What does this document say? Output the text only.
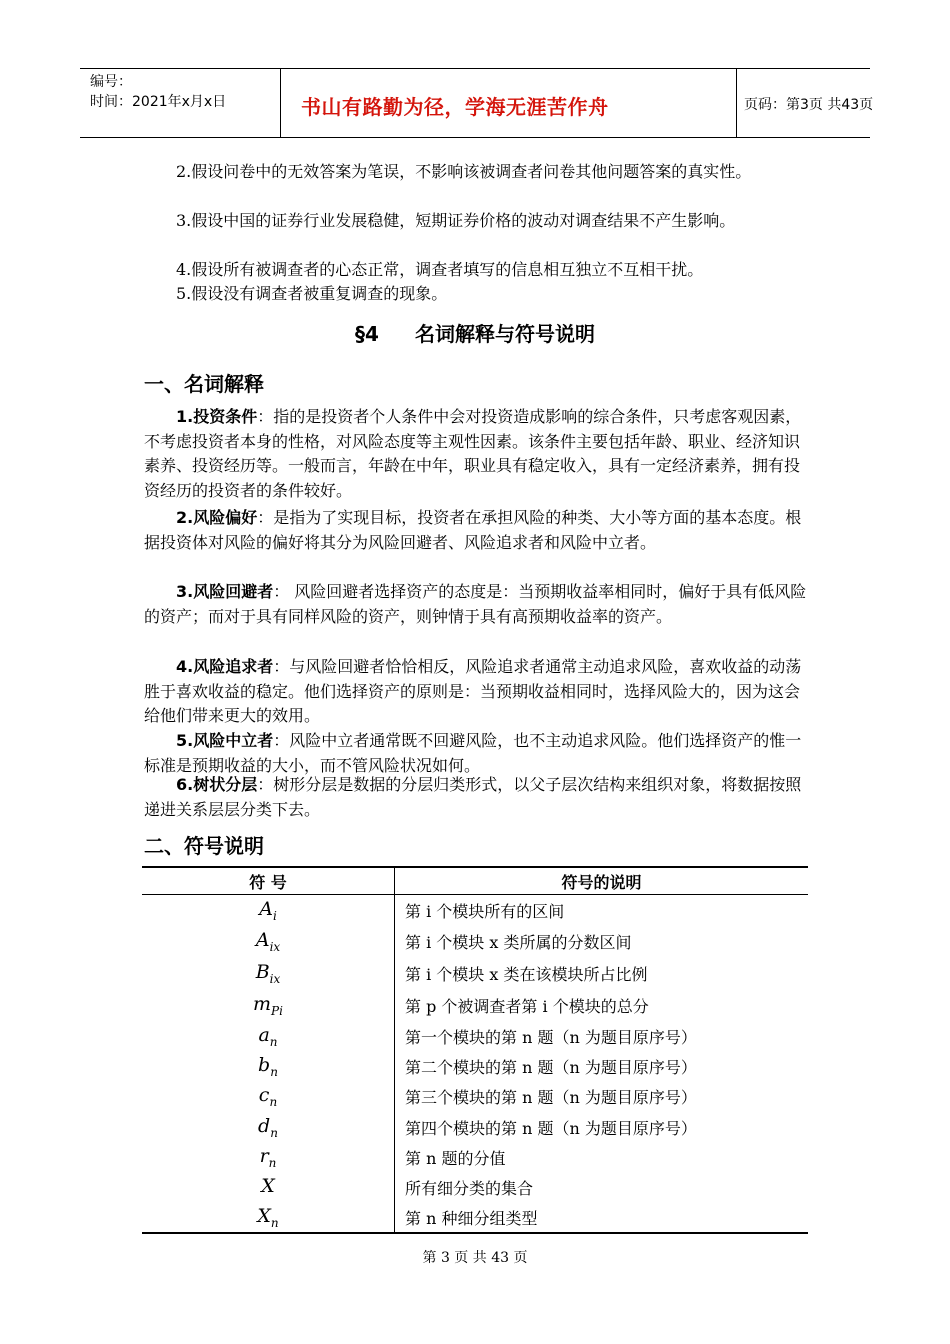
编号：
时间：2021年x月x日	书山有路勤为径，学海无涯苦作舟	页码：第3页 共43页

2.假设问卷中的无效答案为笔误，不影响该被调查者问卷其他问题答案的真实性。

3.假设中国的证券行业发展稳健，短期证券价格的波动对调查结果不产生影响。

4.假设所有被调查者的心态正常，调查者填写的信息相互独立不互相干扰。

5.假设没有调查者被重复调查的现象。

§4 名词解释与符号说明
一、名词解释

1.投资条件：指的是投资者个人条件中会对投资造成影响的综合条件，只考虑客观因素，不考虑投资者本身的性格，对风险态度等主观性因素。该条件主要包括年龄、职业、经济知识素养、投资经历等。一般而言，年龄在中年，职业具有稳定收入，具有一定经济素养，拥有投资经历的投资者的条件较好。

2.风险偏好：是指为了实现目标，投资者在承担风险的种类、大小等方面的基本态度。根据投资体对风险的偏好将其分为风险回避者、风险追求者和风险中立者。

3.风险回避者： 风险回避者选择资产的态度是：当预期收益率相同时，偏好于具有低风险的资产；而对于具有同样风险的资产，则钟情于具有高预期收益率的资产。

4.风险追求者：与风险回避者恰恰相反，风险追求者通常主动追求风险，喜欢收益的动荡胜于喜欢收益的稳定。他们选择资产的原则是：当预期收益相同时，选择风险大的，因为这会给他们带来更大的效用。

5.风险中立者：风险中立者通常既不回避风险，也不主动追求风险。他们选择资产的惟一标准是预期收益的大小，而不管风险状况如何。

6.树状分层：树形分层是数据的分层归类形式，以父子层次结构来组织对象，将数据按照递进关系层层分类下去。

二、符号说明
符 号	符号的说明
$A_i$	第 i 个模块所有的区间
$A_{ix}$	第 i 个模块 x 类所属的分数区间
$B_{ix}$	第 i 个模块 x 类在该模块所占比例
$m_{Pi}$	第 p 个被调查者第 i 个模块的总分
$a_n$	第一个模块的第 n 题（n 为题目原序号）
$b_n$	第二个模块的第 n 题（n 为题目原序号）
$c_n$	第三个模块的第 n 题（n 为题目原序号）
$d_n$	第四个模块的第 n 题（n 为题目原序号）
$r_n$	第 n 题的分值
X	所有细分类的集合
$X_n$	第 n 种细分组类型
第 3 页 共 43 页
